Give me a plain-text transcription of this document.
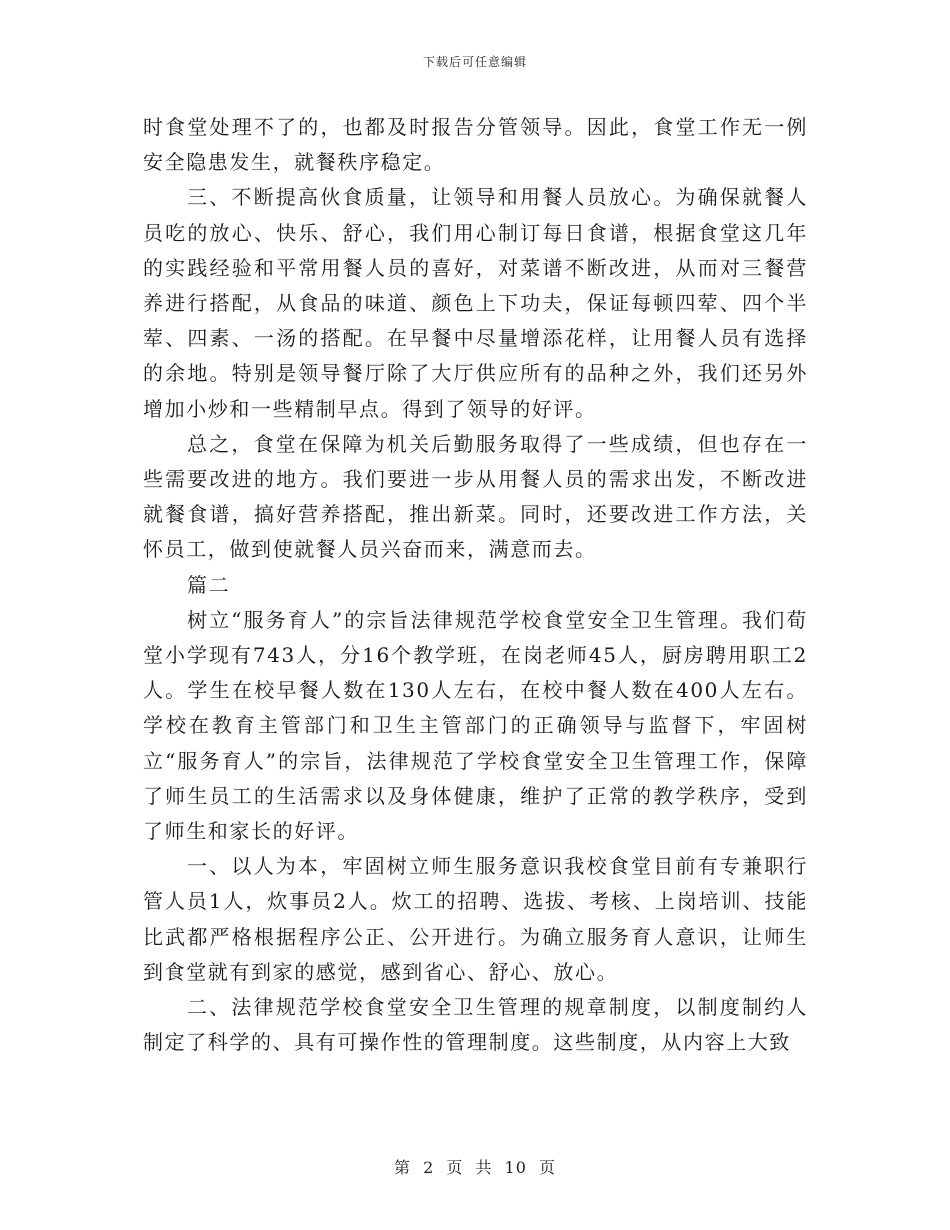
下载后可任意编辑

时食堂处理不了的，也都及时报告分管领导。因此，食堂工作无一例安全隐患发生，就餐秩序稳定。

三、不断提高伙食质量，让领导和用餐人员放心。为确保就餐人员吃的放心、快乐、舒心，我们用心制订每日食谱，根据食堂这几年的实践经验和平常用餐人员的喜好，对菜谱不断改进，从而对三餐营养进行搭配，从食品的味道、颜色上下功夫，保证每顿四荤、四个半荤、四素、一汤的搭配。在早餐中尽量增添花样，让用餐人员有选择的余地。特别是领导餐厅除了大厅供应所有的品种之外，我们还另外增加小炒和一些精制早点。得到了领导的好评。

总之，食堂在保障为机关后勤服务取得了一些成绩，但也存在一些需要改进的地方。我们要进一步从用餐人员的需求出发，不断改进就餐食谱，搞好营养搭配，推出新菜。同时，还要改进工作方法，关怀员工，做到使就餐人员兴奋而来，满意而去。

篇二

树立“服务育人”的宗旨法律规范学校食堂安全卫生管理。我们荀堂小学现有743人，分16个教学班，在岗老师45人，厨房聘用职工2人。学生在校早餐人数在130人左右，在校中餐人数在400人左右。学校在教育主管部门和卫生主管部门的正确领导与监督下，牢固树立“服务育人”的宗旨，法律规范了学校食堂安全卫生管理工作，保障了师生员工的生活需求以及身体健康，维护了正常的教学秩序，受到了师生和家长的好评。

一、以人为本，牢固树立师生服务意识我校食堂目前有专兼职行管人员1人，炊事员2人。炊工的招聘、选拔、考核、上岗培训、技能比武都严格根据程序公正、公开进行。为确立服务育人意识，让师生到食堂就有到家的感觉，感到省心、舒心、放心。

二、法律规范学校食堂安全卫生管理的规章制度，以制度制约人制定了科学的、具有可操作性的管理制度。这些制度，从内容上大致

第 2 页 共 10 页
